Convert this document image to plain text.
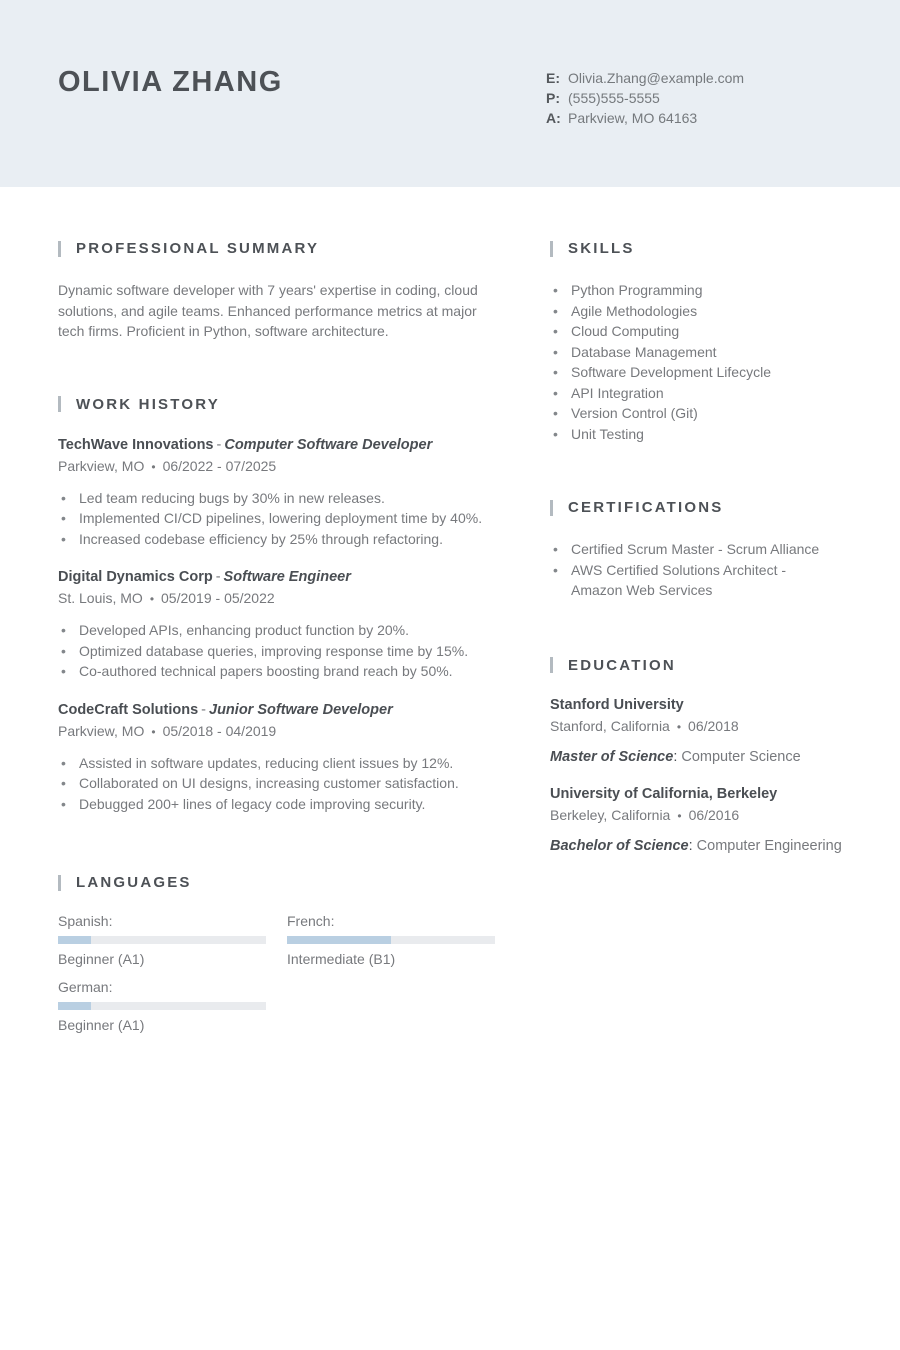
OLIVIA ZHANG	E: Olivia.Zhang@example.com
P: (555)555-5555
A: Parkview, MO 64163
PROFESSIONAL SUMMARY

Dynamic software developer with 7 years' expertise in coding, cloud solutions, and agile teams. Enhanced performance metrics at major tech firms. Proficient in Python, software architecture.

WORK HISTORY
TechWave Innovations - Computer Software Developer
Parkview, MO • 06/2022 - 07/2025
• Led team reducing bugs by 30% in new releases.
• Implemented CI/CD pipelines, lowering deployment time by 40%.
• Increased codebase efficiency by 25% through refactoring.
Digital Dynamics Corp - Software Engineer
St. Louis, MO • 05/2019 - 05/2022
• Developed APIs, enhancing product function by 20%.
• Optimized database queries, improving response time by 15%.
• Co-authored technical papers boosting brand reach by 50%.
CodeCraft Solutions - Junior Software Developer
Parkview, MO • 05/2018 - 04/2019
• Assisted in software updates, reducing client issues by 12%.
• Collaborated on UI designs, increasing customer satisfaction.
• Debugged 200+ lines of legacy code improving security.
LANGUAGES
Spanish:
Beginner (A1)
French:
Intermediate (B1)
German:
Beginner (A1)
SKILLS
• Python Programming
• Agile Methodologies
• Cloud Computing
• Database Management
• Software Development Lifecycle
• API Integration
• Version Control (Git)
• Unit Testing
CERTIFICATIONS
• Certified Scrum Master - Scrum Alliance
• AWS Certified Solutions Architect - Amazon Web Services
EDUCATION
Stanford University
Stanford, California • 06/2018
Master of Science: Computer Science
University of California, Berkeley
Berkeley, California • 06/2016
Bachelor of Science: Computer Engineering
